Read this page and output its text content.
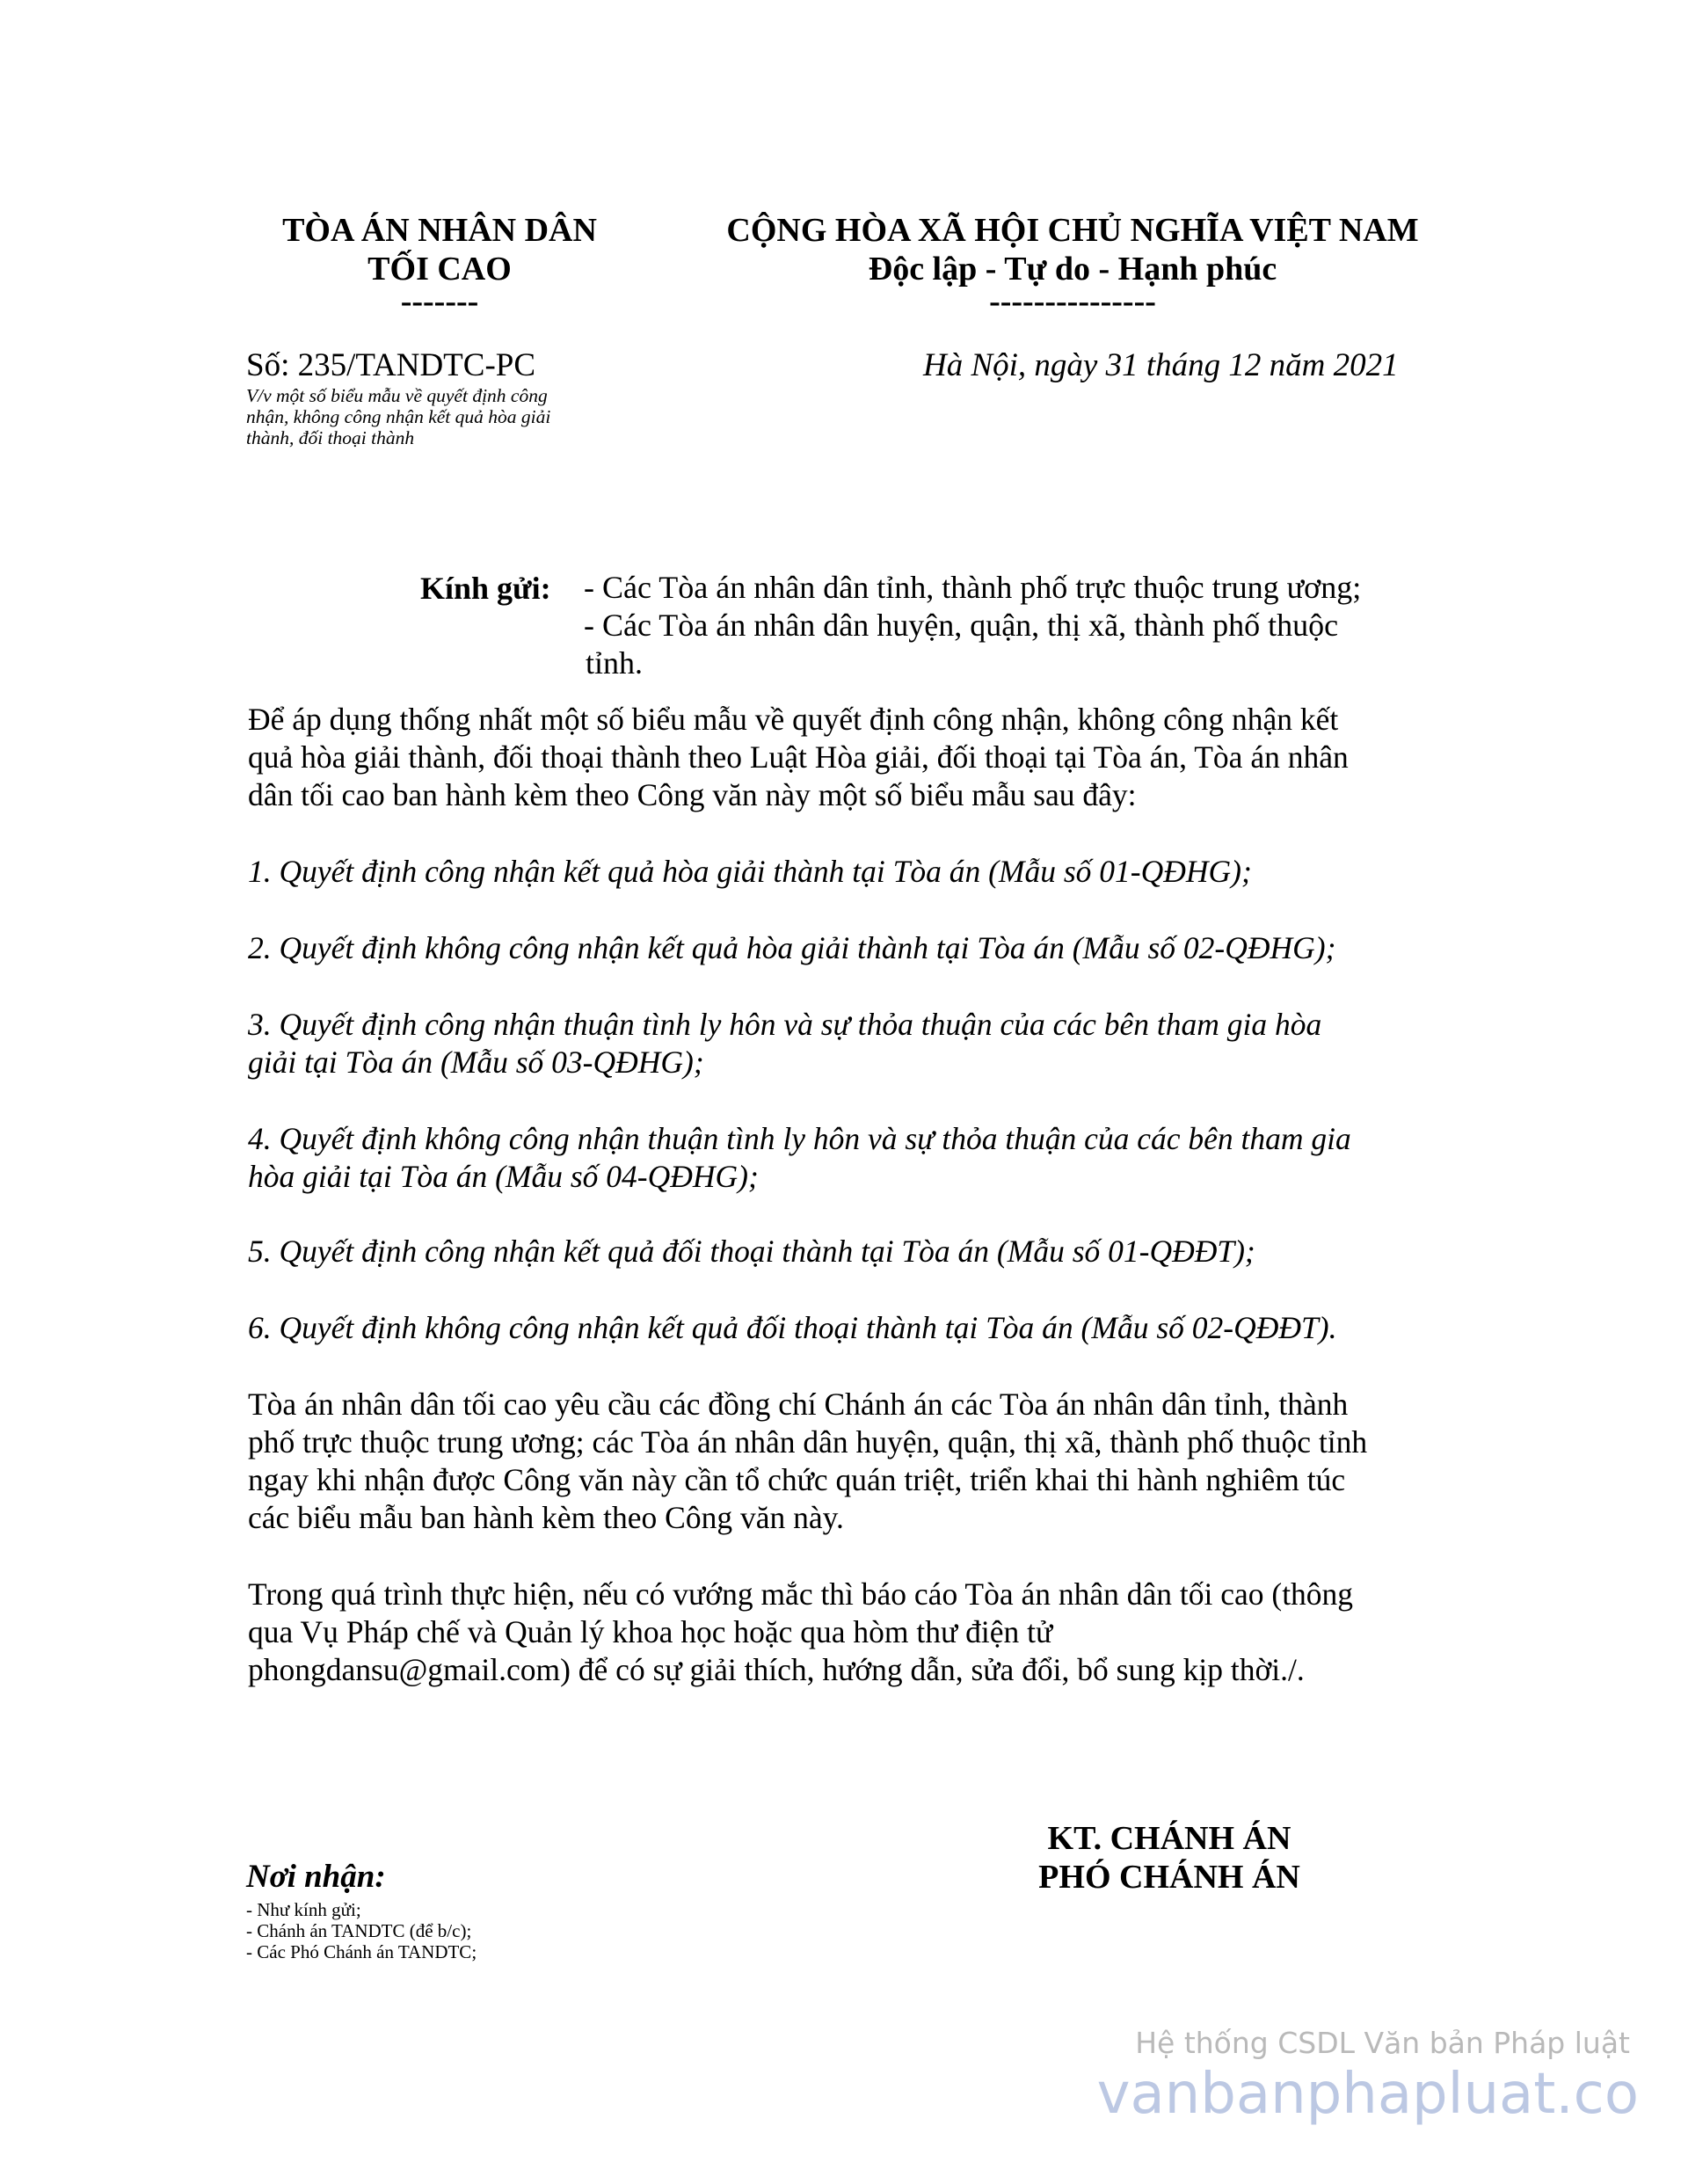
TÒA ÁN NHÂN DÂN
TỐI CAO
-------
CỘNG HÒA XÃ HỘI CHỦ NGHĨA VIỆT NAM
Độc lập - Tự do - Hạnh phúc
---------------
Số: 235/TANDTC-PC
V/v một số biểu mẫu về quyết định công
nhận, không công nhận kết quả hòa giải
thành, đối thoại thành
Hà Nội, ngày 31 tháng 12 năm 2021
Kính gửi: - Các Tòa án nhân dân tỉnh, thành phố trực thuộc trung ương;
- Các Tòa án nhân dân huyện, quận, thị xã, thành phố thuộc
tỉnh.
Để áp dụng thống nhất một số biểu mẫu về quyết định công nhận, không công nhận kết
quả hòa giải thành, đối thoại thành theo Luật Hòa giải, đối thoại tại Tòa án, Tòa án nhân
dân tối cao ban hành kèm theo Công văn này một số biểu mẫu sau đây:
1. Quyết định công nhận kết quả hòa giải thành tại Tòa án (Mẫu số 01-QĐHG);
2. Quyết định không công nhận kết quả hòa giải thành tại Tòa án (Mẫu số 02-QĐHG);
3. Quyết định công nhận thuận tình ly hôn và sự thỏa thuận của các bên tham gia hòa
giải tại Tòa án (Mẫu số 03-QĐHG);
4. Quyết định không công nhận thuận tình ly hôn và sự thỏa thuận của các bên tham gia
hòa giải tại Tòa án (Mẫu số 04-QĐHG);
5. Quyết định công nhận kết quả đối thoại thành tại Tòa án (Mẫu số 01-QĐĐT);
6. Quyết định không công nhận kết quả đối thoại thành tại Tòa án (Mẫu số 02-QĐĐT).
Tòa án nhân dân tối cao yêu cầu các đồng chí Chánh án các Tòa án nhân dân tỉnh, thành
phố trực thuộc trung ương; các Tòa án nhân dân huyện, quận, thị xã, thành phố thuộc tỉnh
ngay khi nhận được Công văn này cần tổ chức quán triệt, triển khai thi hành nghiêm túc
các biểu mẫu ban hành kèm theo Công văn này.
Trong quá trình thực hiện, nếu có vướng mắc thì báo cáo Tòa án nhân dân tối cao (thông
qua Vụ Pháp chế và Quản lý khoa học hoặc qua hòm thư điện tử
phongdansu@gmail.com) để có sự giải thích, hướng dẫn, sửa đổi, bổ sung kịp thời./.
KT. CHÁNH ÁN
PHÓ CHÁNH ÁN
Nơi nhận:
- Như kính gửi;
- Chánh án TANDTC (để b/c);
- Các Phó Chánh án TANDTC;
Hệ thống CSDL Văn bản Pháp luật
vanbanphapluat.co
